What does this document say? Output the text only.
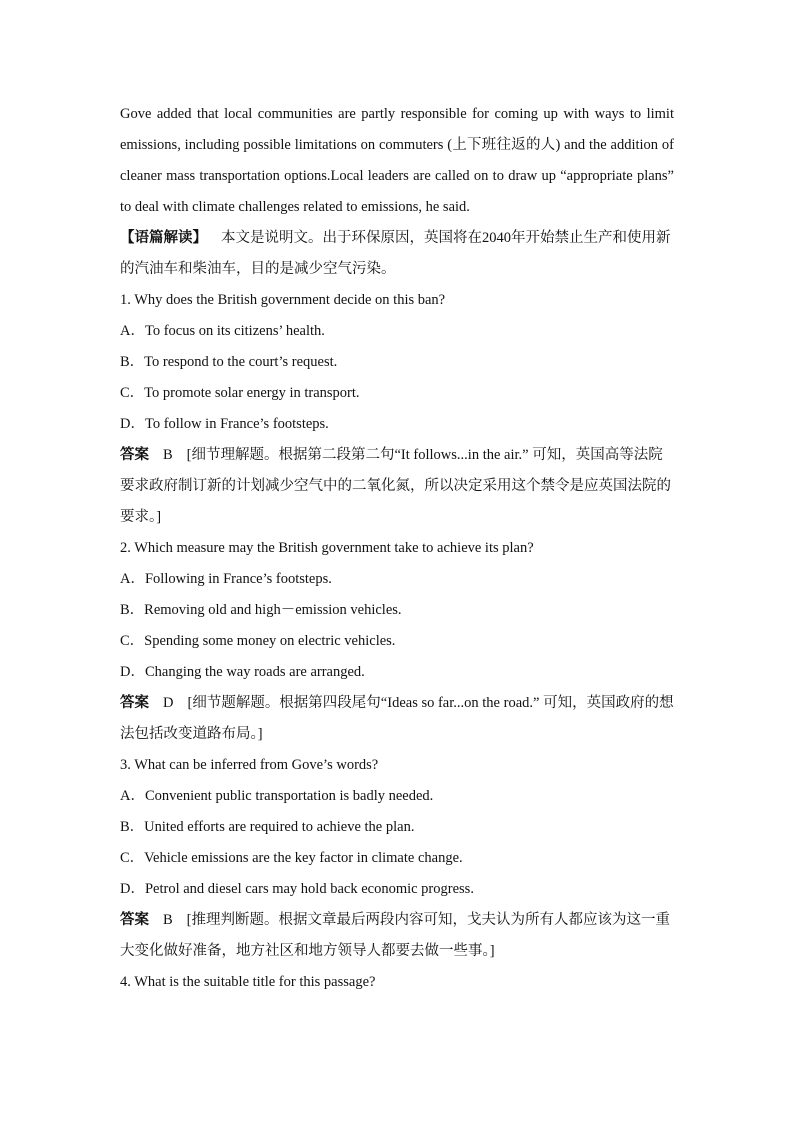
Gove added that local communities are partly responsible for coming up with ways to limit emissions, including possible limitations on commuters (上下班往返的人) and the addition of cleaner mass transportation options.Local leaders are called on to draw up “appropriate plans” to deal with climate challenges related to emissions, he said.

【语篇解读】 本文是说明文。出于环保原因，英国将在2040年开始禁止生产和使用新的汽油车和柴油车，目的是减少空气污染。

1. Why does the British government decide on this ban?

A．To focus on its citizens’ health.

B．To respond to the court’s request.

C．To promote solar energy in transport.

D．To follow in France’s footsteps.

答案 B [细节理解题。根据第二段第二句“It follows...in the air.” 可知，英国高等法院要求政府制订新的计划减少空气中的二氧化氮，所以决定采用这个禁令是应英国法院的要求。]

2. Which measure may the British government take to achieve its plan?

A．Following in France’s footsteps.

B．Removing old and high－emission vehicles.

C．Spending some money on electric vehicles.

D．Changing the way roads are arranged.

答案 D [细节题解题。根据第四段尾句“Ideas so far...on the road.” 可知，英国政府的想法包括改变道路布局。]

3. What can be inferred from Gove’s words?

A．Convenient public transportation is badly needed.

B．United efforts are required to achieve the plan.

C．Vehicle emissions are the key factor in climate change.

D．Petrol and diesel cars may hold back economic progress.

答案 B [推理判断题。根据文章最后两段内容可知，戈夫认为所有人都应该为这一重大变化做好准备，地方社区和地方领导人都要去做一些事。]

4. What is the suitable title for this passage?
